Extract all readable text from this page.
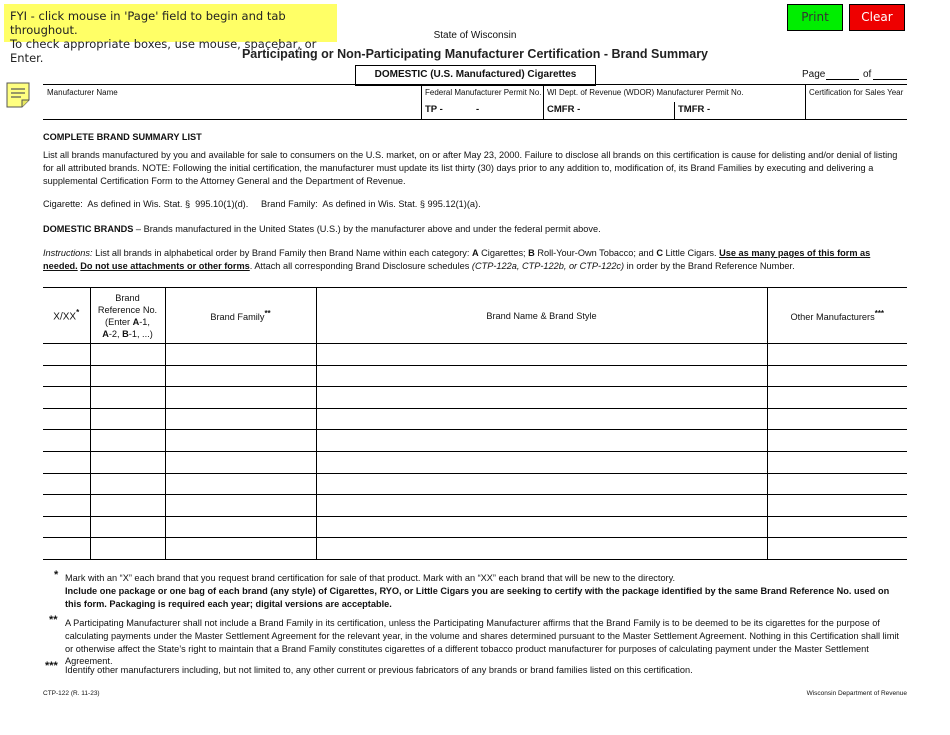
FYI - click mouse in 'Page' field to begin and tab throughout.
To check appropriate boxes, use mouse, spacebar, or Enter.
Print	Clear
State of Wisconsin
Participating or Non-Participating Manufacturer Certification - Brand Summary
DOMESTIC (U.S. Manufactured) Cigarettes	Page	of
Manufacturer Name	Federal Manufacturer Permit No.
TP -	-
WI Dept. of Revenue (WDOR) Manufacturer Permit No.
CMFR -	TMFR -
Certification for Sales Year
COMPLETE BRAND SUMMARY LIST
List all brands manufactured by you and available for sale to consumers on the U.S. market, on or after May 23, 2000. Failure to disclose all brands on this certification is cause for delisting and/or denial of listing for all attributed brands. NOTE: Following the initial certification, the manufacturer must update its list thirty (30) days prior to any addition to, modification of, its Brand Families by executing and delivering a supplemental Certification Form to the Attorney General and the Department of Revenue.
Cigarette:  As defined in Wis. Stat. §  995.10(1)(d).     Brand Family:  As defined in Wis. Stat. § 995.12(1)(a).
DOMESTIC BRANDS – Brands manufactured in the United States (U.S.) by the manufacturer above and under the federal permit above.
Instructions: List all brands in alphabetical order by Brand Family then Brand Name within each category: A Cigarettes; B Roll-Your-Own Tobacco; and C Little Cigars. Use as many pages of this form as needed. Do not use attachments or other forms. Attach all corresponding Brand Disclosure schedules (CTP-122a, CTP-122b, or CTP-122c) in order by the Brand Reference Number.
X/XX*	Brand
Reference No.
(Enter A-1,
A-2, B-1, ...)	Brand Family**	Brand Name & Brand Style	Other Manufacturers***

* Mark with an “X” each brand that you request brand certification for sale of that product. Mark with an “XX” each brand that will be new to the directory.
Include one package or one bag of each brand (any style) of Cigarettes, RYO, or Little Cigars you are seeking to certify with the package identified by the same Brand Reference No. used on this form. Packaging is required each year; digital versions are acceptable.
** A Participating Manufacturer shall not include a Brand Family in its certification, unless the Participating Manufacturer affirms that the Brand Family is to be deemed to be its cigarettes for the purpose of calculating payments under the Master Settlement Agreement for the relevant year, in the volume and shares determined pursuant to the Master Settlement Agreement. Nothing in this Certification shall limit or otherwise affect the State’s right to maintain that a Brand Family constitutes cigarettes of a different tobacco product manufacturer for purposes of calculating payment under the Master Settlement Agreement.
*** Identify other manufacturers including, but not limited to, any other current or previous fabricators of any brands or brand families listed on this certification.
CTP-122 (R. 11-23)	Wisconsin Department of Revenue
